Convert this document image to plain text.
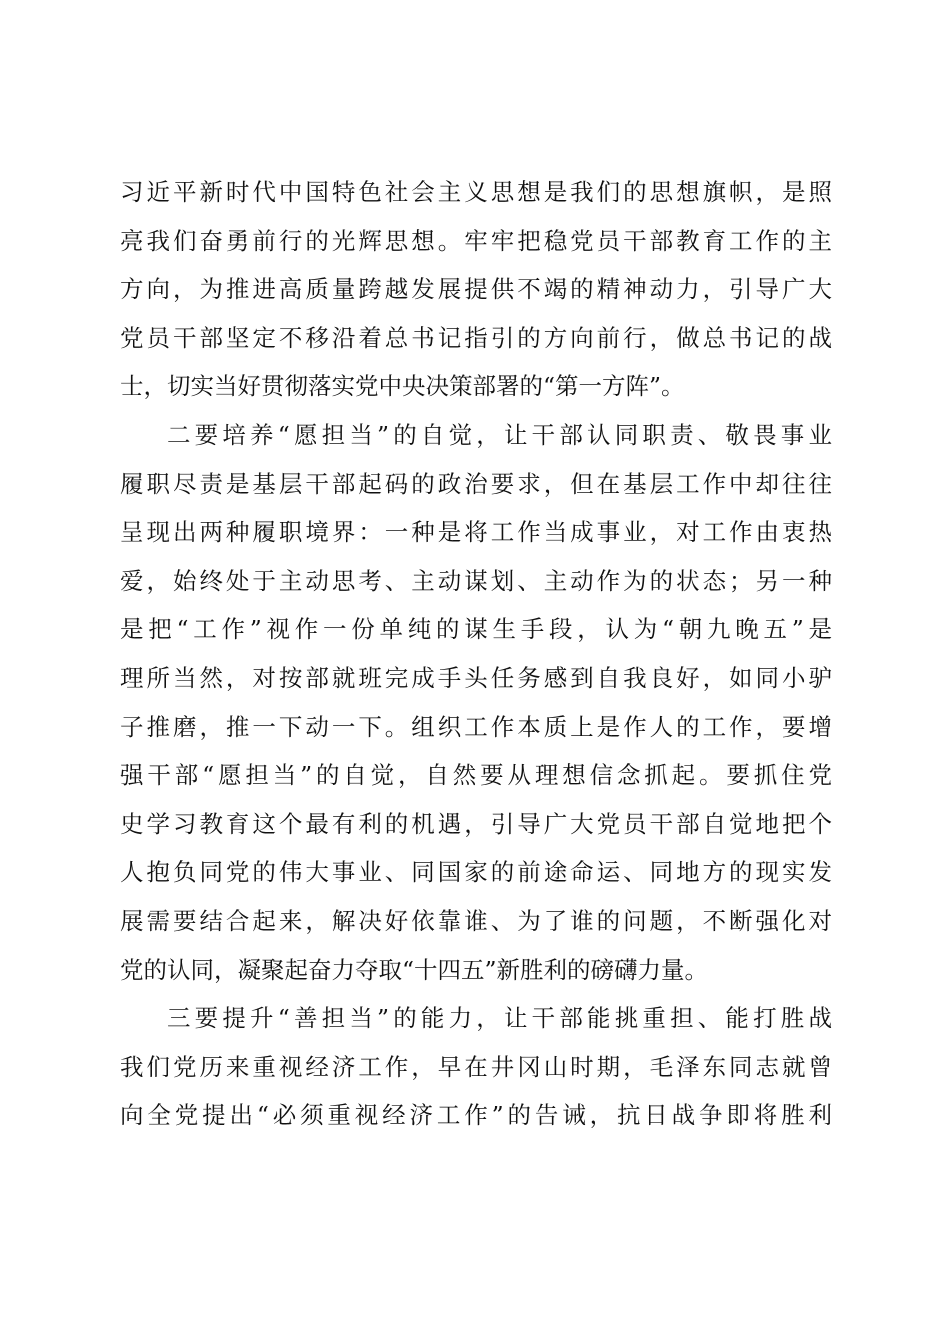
习近平新时代中国特色社会主义思想是我们的思想旗帜，是照
亮我们奋勇前行的光辉思想。牢牢把稳党员干部教育工作的主
方向，为推进高质量跨越发展提供不竭的精神动力，引导广大
党员干部坚定不移沿着总书记指引的方向前行，做总书记的战
士，切实当好贯彻落实党中央决策部署的“第一方阵”。
二要培养“愿担当”的自觉，让干部认同职责、敬畏事业
履职尽责是基层干部起码的政治要求，但在基层工作中却往往
呈现出两种履职境界：一种是将工作当成事业，对工作由衷热
爱，始终处于主动思考、主动谋划、主动作为的状态；另一种
是把“工作”视作一份单纯的谋生手段，认为“朝九晚五”是
理所当然，对按部就班完成手头任务感到自我良好，如同小驴
子推磨，推一下动一下。组织工作本质上是作人的工作，要增
强干部“愿担当”的自觉，自然要从理想信念抓起。要抓住党
史学习教育这个最有利的机遇，引导广大党员干部自觉地把个
人抱负同党的伟大事业、同国家的前途命运、同地方的现实发
展需要结合起来，解决好依靠谁、为了谁的问题，不断强化对
党的认同，凝聚起奋力夺取“十四五”新胜利的磅礴力量。
三要提升“善担当”的能力，让干部能挑重担、能打胜战
我们党历来重视经济工作，早在井冈山时期，毛泽东同志就曾
向全党提出“必须重视经济工作”的告诫，抗日战争即将胜利
